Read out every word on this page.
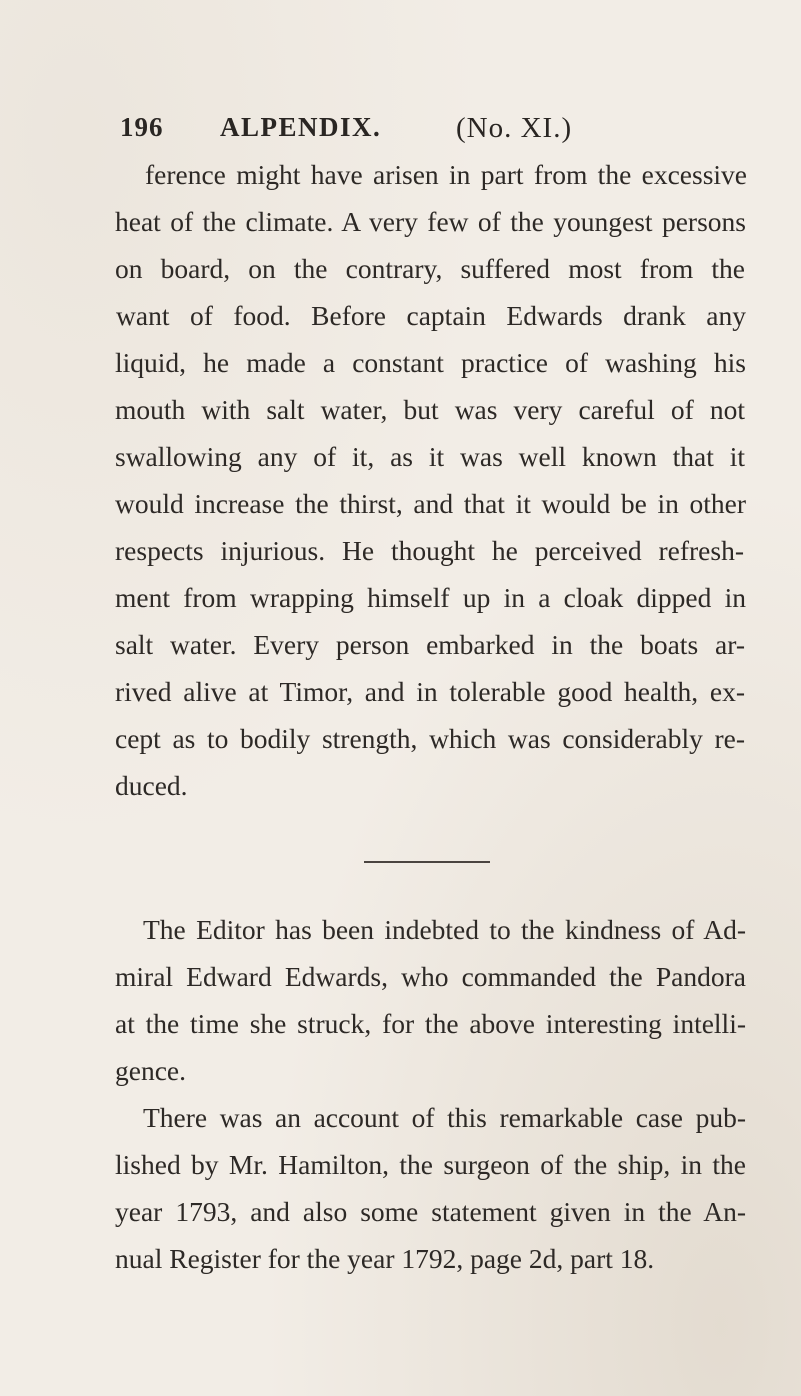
196 ALPENDIX.	(No. XI.)
ference might have arisen in part from the excessive
heat of the climate. A very few of the youngest persons
on board, on the contrary, suffered most from the
want of food. Before captain Edwards drank any
liquid, he made a constant practice of washing his
mouth with salt water, but was very careful of not
swallowing any of it, as it was well known that it
would increase the thirst, and that it would be in other
respects injurious. He thought he perceived refresh-
ment from wrapping himself up in a cloak dipped in
salt water. Every person embarked in the boats ar-
rived alive at Timor, and in tolerable good health, ex-
cept as to bodily strength, which was considerably re-
duced.
The Editor has been indebted to the kindness of Ad-
miral Edward Edwards, who commanded the Pandora
at the time she struck, for the above interesting intelli-
gence.
There was an account of this remarkable case pub-
lished by Mr. Hamilton, the surgeon of the ship, in the
year 1793, and also some statement given in the An-
nual Register for the year 1792, page 2d, part 18.
